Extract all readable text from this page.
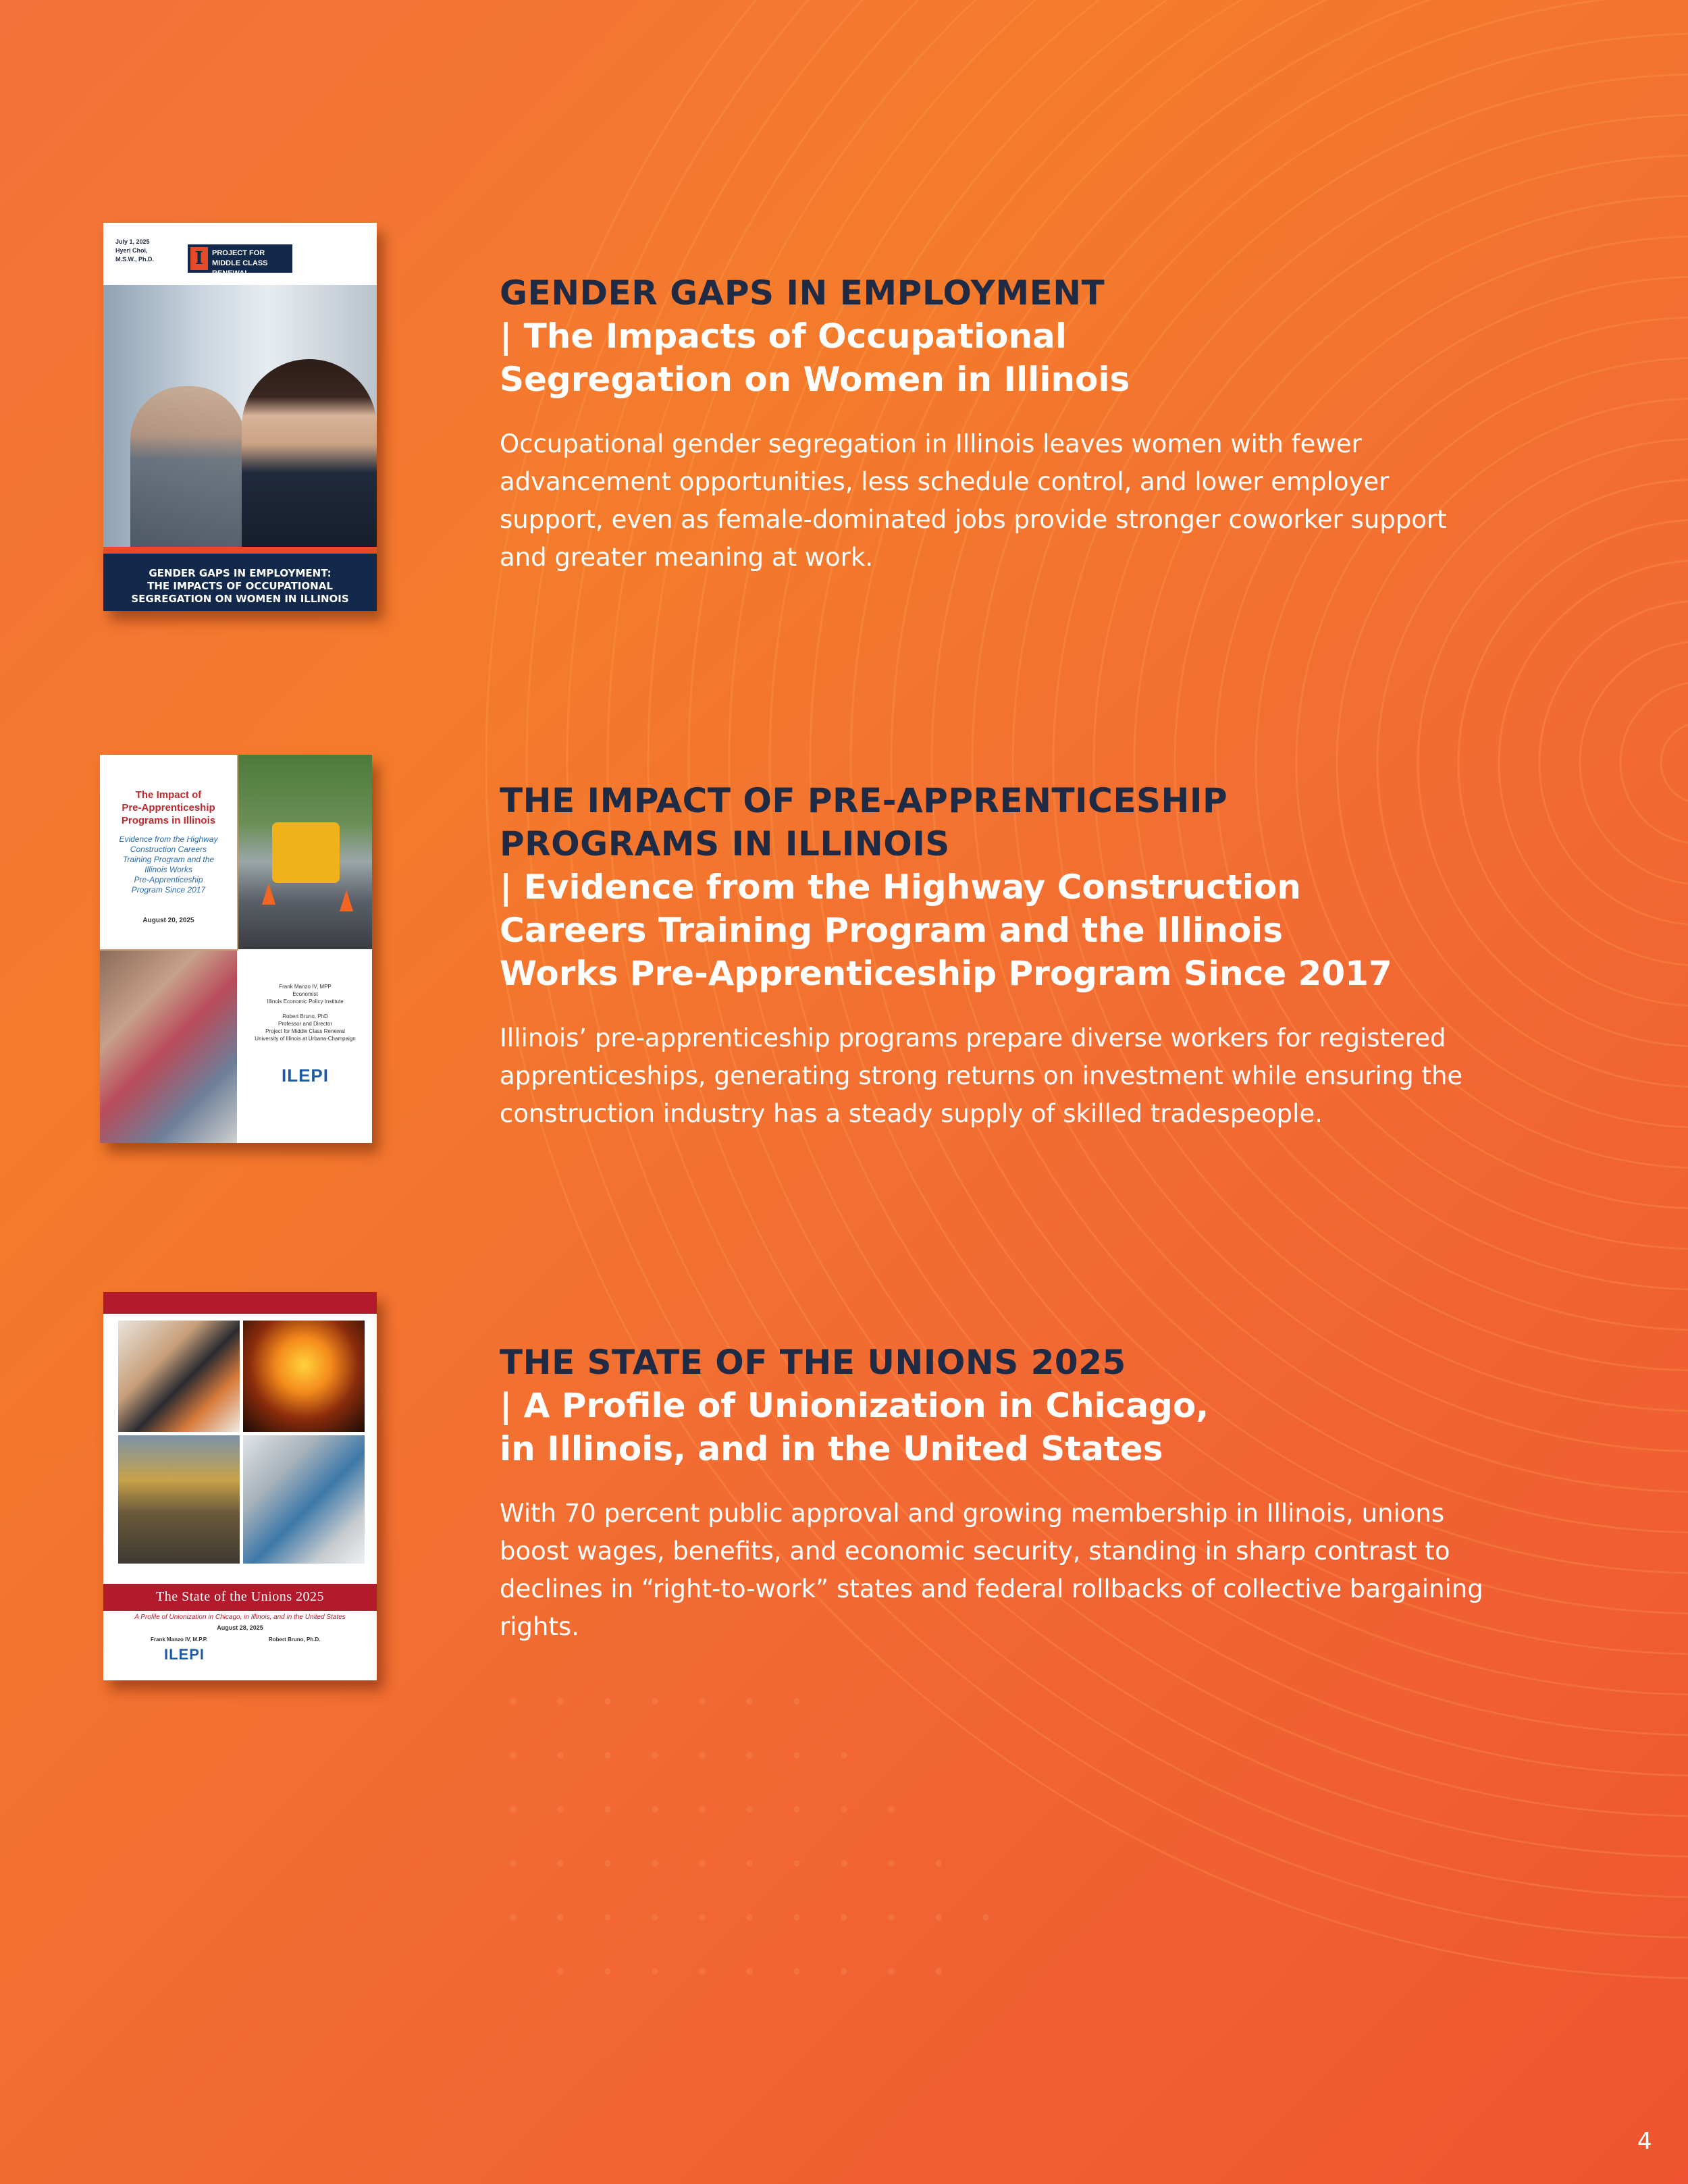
July 1, 2025
Hyeri Choi,
M.S.W., Ph.D. I	PROJECT FOR MIDDLE CLASS RENEWAL
GENDER GAPS IN EMPLOYMENT:
THE IMPACTS OF OCCUPATIONAL
SEGREGATION ON WOMEN IN ILLINOIS
GENDER GAPS IN EMPLOYMENT
| The Impacts of Occupational
Segregation on Women in Illinois

Occupational gender segregation in Illinois leaves women with fewer advancement opportunities, less schedule control, and lower employer support, even as female-dominated jobs provide stronger coworker support and greater meaning at work.

The Impact of
Pre-Apprenticeship
Programs in Illinois
Evidence from the Highway
Construction Careers
Training Program and the
Illinois Works
Pre-Apprenticeship
Program Since 2017
August 20, 2025
Frank Manzo IV, MPP
Economist
Illinois Economic Policy Institute

Robert Bruno, PhD
Professor and Director
Project for Middle Class Renewal
University of Illinois at Urbana-Champaign
ILEPI
THE IMPACT OF PRE-APPRENTICESHIP
PROGRAMS IN ILLINOIS
| Evidence from the Highway Construction
Careers Training Program and the Illinois
Works Pre-Apprenticeship Program Since 2017

Illinois’ pre-apprenticeship programs prepare diverse workers for registered apprenticeships, generating strong returns on investment while ensuring the construction industry has a steady supply of skilled tradespeople.

The State of the Unions 2025
A Profile of Unionization in Chicago, in Illinois, and in the United States
August 28, 2025
Frank Manzo IV, M.P.P.	Robert Bruno, Ph.D.
ILEPI
THE STATE OF THE UNIONS 2025
| A Profile of Unionization in Chicago,
in Illinois, and in the United States

With 70 percent public approval and growing membership in Illinois, unions boost wages, benefits, and economic security, standing in sharp contrast to declines in “right-to-work” states and federal rollbacks of collective bargaining rights.

4
